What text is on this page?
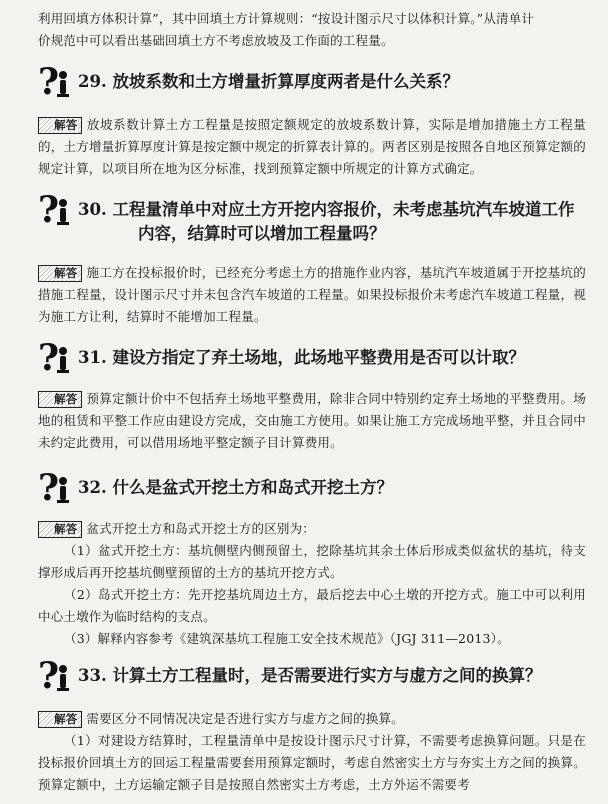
利用回填方体积计算”，其中回填土方计算规则：“按设计图示尺寸以体积计算。”从清单计
价规范中可以看出基础回填土方不考虑放坡及工作面的工程量。

29. 放坡系数和土方增量折算厚度两者是什么关系？

解答 放坡系数计算土方工程量是按照定额规定的放坡系数计算，实际是增加措施土方工程量的，土方增量折算厚度计算是按定额中规定的折算表计算的。两者区别是按照各自地区预算定额的规定计算，以项目所在地为区分标准，找到预算定额中所规定的计算方式确定。

30. 工程量清单中对应土方开挖内容报价，未考虑基坑汽车坡道工作
内容，结算时可以增加工程量吗？

解答 施工方在投标报价时，已经充分考虑土方的措施作业内容，基坑汽车坡道属于开挖基坑的措施工程量，设计图示尺寸并未包含汽车坡道的工程量。如果投标报价未考虑汽车坡道工程量，视为施工方让利，结算时不能增加工程量。

31. 建设方指定了弃土场地，此场地平整费用是否可以计取？

解答 预算定额计价中不包括弃土场地平整费用，除非合同中特别约定弃土场地的平整费用。场地的租赁和平整工作应由建设方完成，交由施工方使用。如果让施工方完成场地平整，并且合同中未约定此费用，可以借用场地平整定额子目计算费用。

32. 什么是盆式开挖土方和岛式开挖土方？
解答 盆式开挖土方和岛式开挖土方的区别为：
（1）盆式开挖土方：基坑侧壁内侧预留土，挖除基坑其余土体后形成类似盆状的基坑，待支撑形成后再开挖基坑侧壁预留的土方的基坑开挖方式。
（2）岛式开挖土方：先开挖基坑周边土方，最后挖去中心土墩的开挖方式。施工中可以利用中心土墩作为临时结构的支点。
（3）解释内容参考《建筑深基坑工程施工安全技术规范》（JGJ 311—2013）。
33. 计算土方工程量时，是否需要进行实方与虚方之间的换算？
解答 需要区分不同情况决定是否进行实方与虚方之间的换算。
（1）对建设方结算时，工程量清单中是按设计图示尺寸计算，不需要考虑换算问题。只是在投标报价回填土方的回运工程量需要套用预算定额时，考虑自然密实土方与夯实土方之间的换算。预算定额中，土方运输定额子目是按照自然密实土方考虑，土方外运不需要考
